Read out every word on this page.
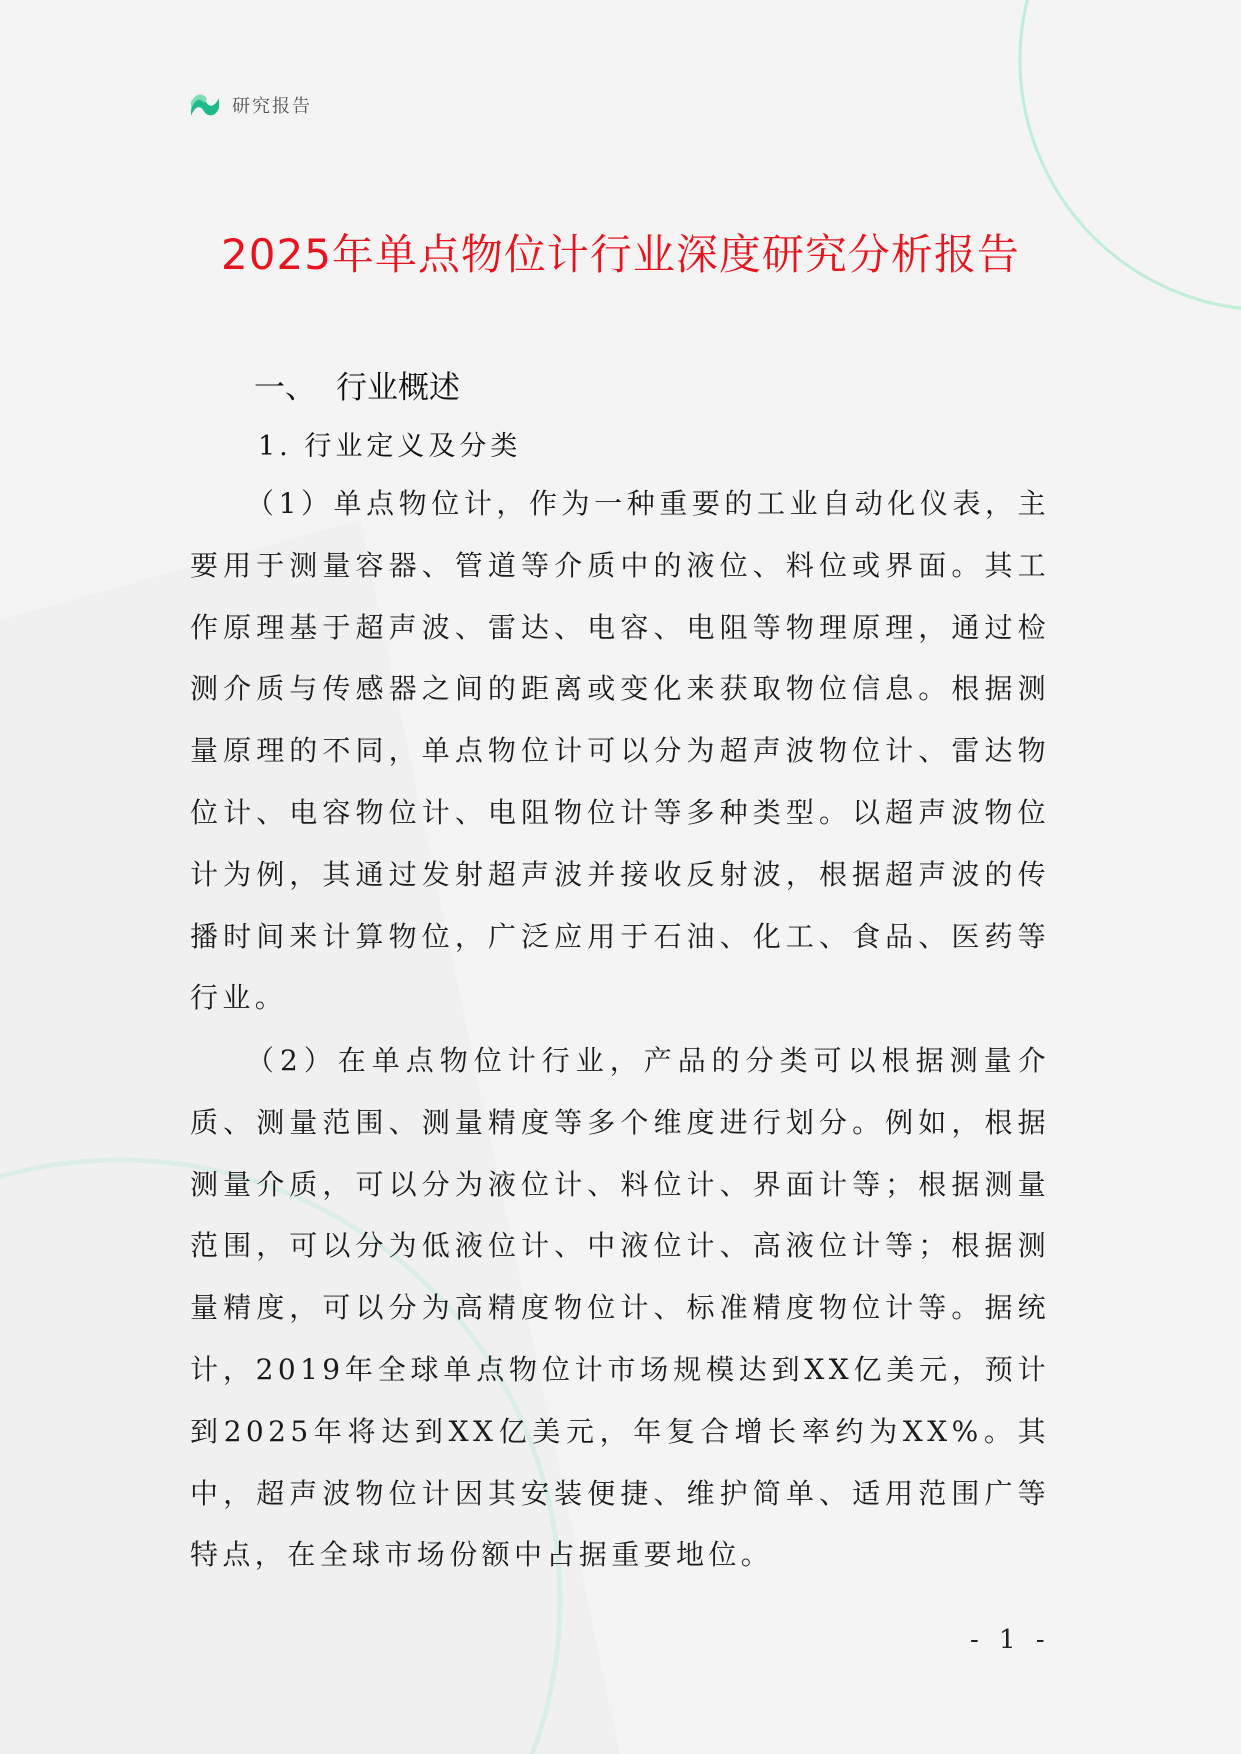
研究报告
2025年单点物位计行业深度研究分析报告
一、 行业概述
1. 行业定义及分类

（1）单点物位计，作为一种重要的工业自动化仪表，主要用于测量容器、管道等介质中的液位、料位或界面。其工作原理基于超声波、雷达、电容、电阻等物理原理，通过检测介质与传感器之间的距离或变化来获取物位信息。根据测量原理的不同，单点物位计可以分为超声波物位计、雷达物位计、电容物位计、电阻物位计等多种类型。以超声波物位计为例，其通过发射超声波并接收反射波，根据超声波的传播时间来计算物位，广泛应用于石油、化工、食品、医药等行业。

（2）在单点物位计行业，产品的分类可以根据测量介质、测量范围、测量精度等多个维度进行划分。例如，根据测量介质，可以分为液位计、料位计、界面计等；根据测量范围，可以分为低液位计、中液位计、高液位计等；根据测量精度，可以分为高精度物位计、标准精度物位计等。据统计，2019年全球单点物位计市场规模达到XX亿美元，预计到2025年将达到XX亿美元，年复合增长率约为XX%。其中，超声波物位计因其安装便捷、维护简单、适用范围广等特点，在全球市场份额中占据重要地位。

- 1 -
